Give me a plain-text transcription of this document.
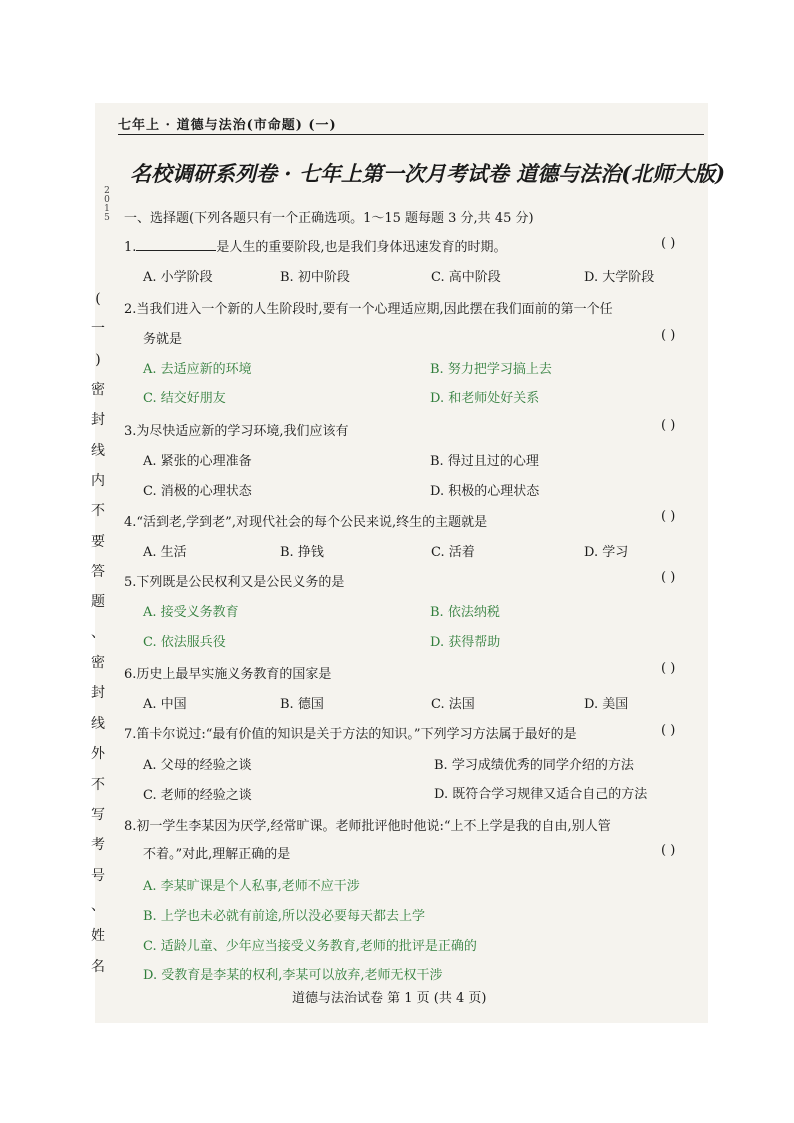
七年上 · 道德与法治(市命题) (一)
名校调研系列卷 · 七年上第一次月考试卷 道德与法治(北师大版)
2015
(
一
)
密
封
线
内
不
要
答
题
、
密
封
线
外
不
写
考
号
、
姓
名
一、选择题(下列各题只有一个正确选项。1～15 题每题 3 分,共 45 分)
1.	是人生的重要阶段,也是我们身体迅速发育的时期。	( )
A. 小学阶段	B. 初中阶段	C. 高中阶段	D. 大学阶段
2.当我们进入一个新的人生阶段时,要有一个心理适应期,因此摆在我们面前的第一个任
务就是	( )
A. 去适应新的环境	B. 努力把学习搞上去
C. 结交好朋友	D. 和老师处好关系
3.为尽快适应新的学习环境,我们应该有	( )
A. 紧张的心理准备	B. 得过且过的心理
C. 消极的心理状态	D. 积极的心理状态
4.“活到老,学到老”,对现代社会的每个公民来说,终生的主题就是	( )
A. 生活	B. 挣钱	C. 活着	D. 学习
5.下列既是公民权利又是公民义务的是	( )
A. 接受义务教育	B. 依法纳税
C. 依法服兵役	D. 获得帮助
6.历史上最早实施义务教育的国家是	( )
A. 中国	B. 德国	C. 法国	D. 美国
7.笛卡尔说过:“最有价值的知识是关于方法的知识。”下列学习方法属于最好的是	( )
A. 父母的经验之谈	B. 学习成绩优秀的同学介绍的方法
C. 老师的经验之谈	D. 既符合学习规律又适合自己的方法
8.初一学生李某因为厌学,经常旷课。老师批评他时他说:“上不上学是我的自由,别人管
不着。”对此,理解正确的是	( )
A. 李某旷课是个人私事,老师不应干涉
B. 上学也未必就有前途,所以没必要每天都去上学
C. 适龄儿童、少年应当接受义务教育,老师的批评是正确的
D. 受教育是李某的权利,李某可以放弃,老师无权干涉
道德与法治试卷 第 1 页 (共 4 页)
